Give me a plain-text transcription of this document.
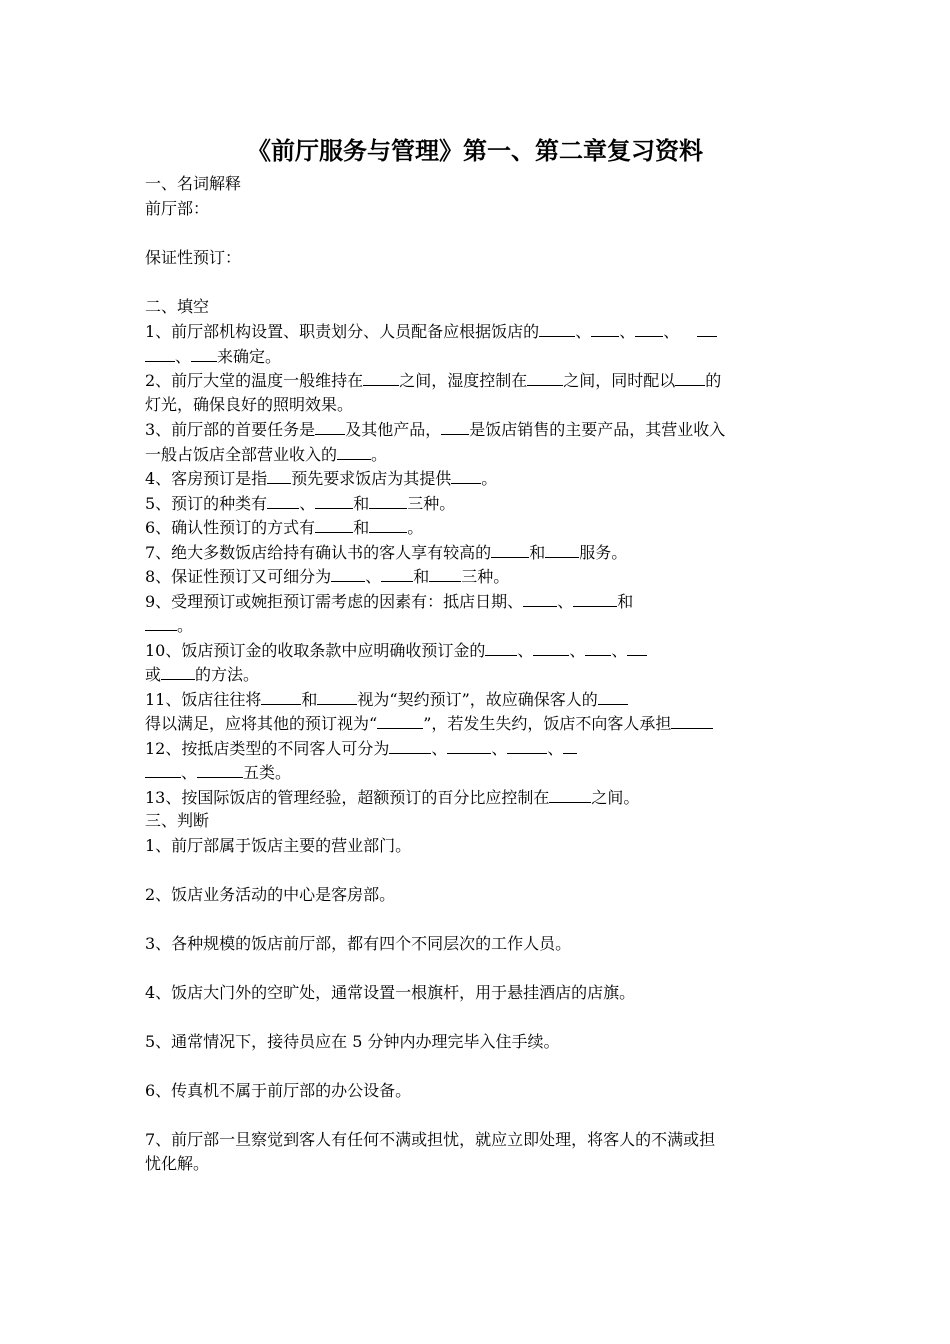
《前厅服务与管理》第一、第二章复习资料
一、名词解释
前厅部：
保证性预订：
二、填空
1、前厅部机构设置、职责划分、人员配备应根据饭店的 、 、 、
、 来确定。
2、前厅大堂的温度一般维持在 之间，湿度控制在 之间，同时配以 的
灯光，确保良好的照明效果。
3、前厅部的首要任务是 及其他产品， 是饭店销售的主要产品，其营业收入
一般占饭店全部营业收入的 。
4、客房预订是指 预先要求饭店为其提供 。
5、预订的种类有 、 和 三种。
6、确认性预订的方式有 和 。
7、绝大多数饭店给持有确认书的客人享有较高的 和 服务。
8、保证性预订又可细分为 、 和 三种。
9、受理预订或婉拒预订需考虑的因素有：抵店日期、 、	和
。
10、饭店预订金的收取条款中应明确收预订金的 、 、 、
或 的方法。
11、饭店往往将	和	视为“契约预订”，故应确保客人的
得以满足，应将其他的预订视为“	”，若发生失约，饭店不向客人承担
12、按抵店类型的不同客人可分为	、	、	、
、	五类。
13、按国际饭店的管理经验，超额预订的百分比应控制在	之间。
三、判断
1、前厅部属于饭店主要的营业部门。
2、饭店业务活动的中心是客房部。
3、各种规模的饭店前厅部，都有四个不同层次的工作人员。
4、饭店大门外的空旷处，通常设置一根旗杆，用于悬挂酒店的店旗。
5、通常情况下，接待员应在 5 分钟内办理完毕入住手续。
6、传真机不属于前厅部的办公设备。
7、前厅部一旦察觉到客人有任何不满或担忧，就应立即处理，将客人的不满或担
忧化解。
